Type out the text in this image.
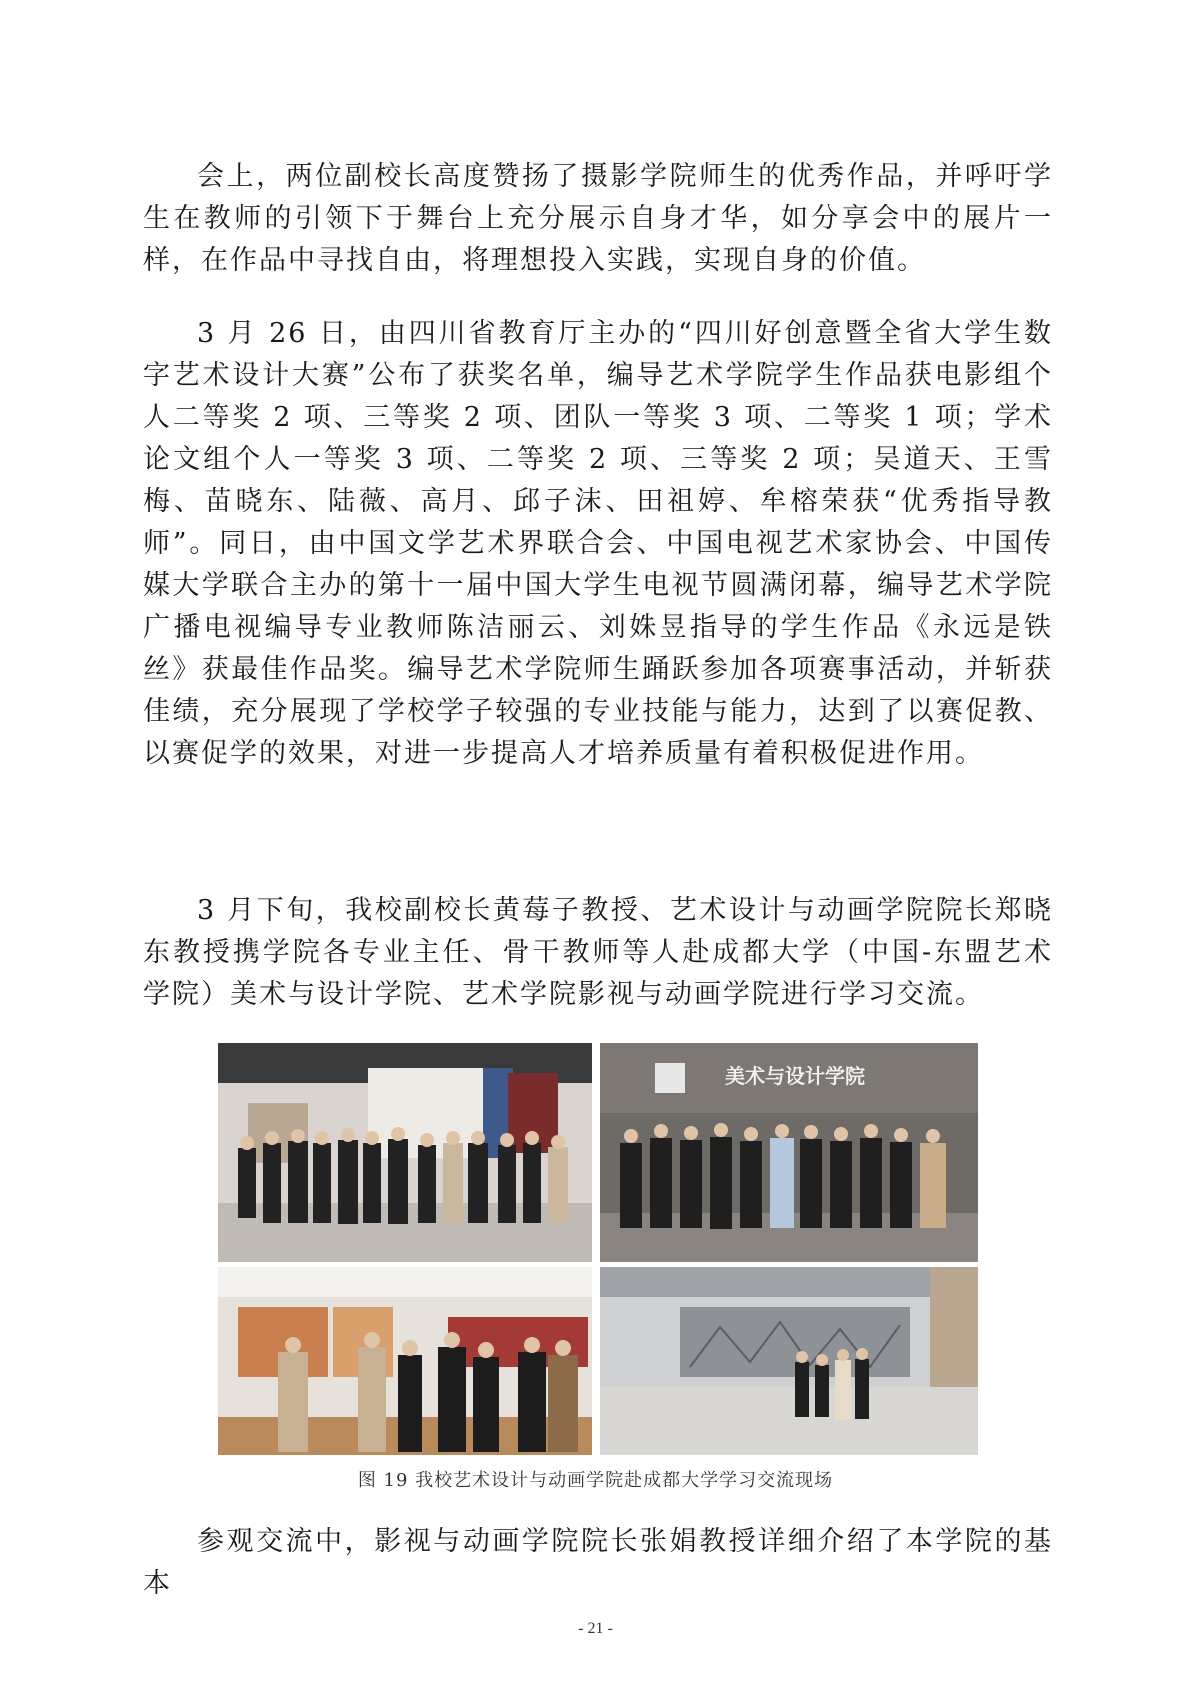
会上，两位副校长高度赞扬了摄影学院师生的优秀作品，并呼吁学生在教师的引领下于舞台上充分展示自身才华，如分享会中的展片一样，在作品中寻找自由，将理想投入实践，实现自身的价值。

3 月 26 日，由四川省教育厅主办的“四川好创意暨全省大学生数字艺术设计大赛”公布了获奖名单，编导艺术学院学生作品获电影组个人二等奖 2 项、三等奖 2 项、团队一等奖 3 项、二等奖 1 项；学术论文组个人一等奖 3 项、二等奖 2 项、三等奖 2 项；吴道天、王雪梅、苗晓东、陆薇、高月、邱子沫、田祖婷、牟榕荣获“优秀指导教师”。同日，由中国文学艺术界联合会、中国电视艺术家协会、中国传媒大学联合主办的第十一届中国大学生电视节圆满闭幕，编导艺术学院广播电视编导专业教师陈洁丽云、刘姝昱指导的学生作品《永远是铁丝》获最佳作品奖。编导艺术学院师生踊跃参加各项赛事活动，并斩获佳绩，充分展现了学校学子较强的专业技能与能力，达到了以赛促教、以赛促学的效果，对进一步提高人才培养质量有着积极促进作用。

3 月下旬，我校副校长黄莓子教授、艺术设计与动画学院院长郑晓东教授携学院各专业主任、骨干教师等人赴成都大学（中国-东盟艺术学院）美术与设计学院、艺术学院影视与动画学院进行学习交流。

美术与设计学院
图 19 我校艺术设计与动画学院赴成都大学学习交流现场

参观交流中，影视与动画学院院长张娟教授详细介绍了本学院的基本

- 21 -
